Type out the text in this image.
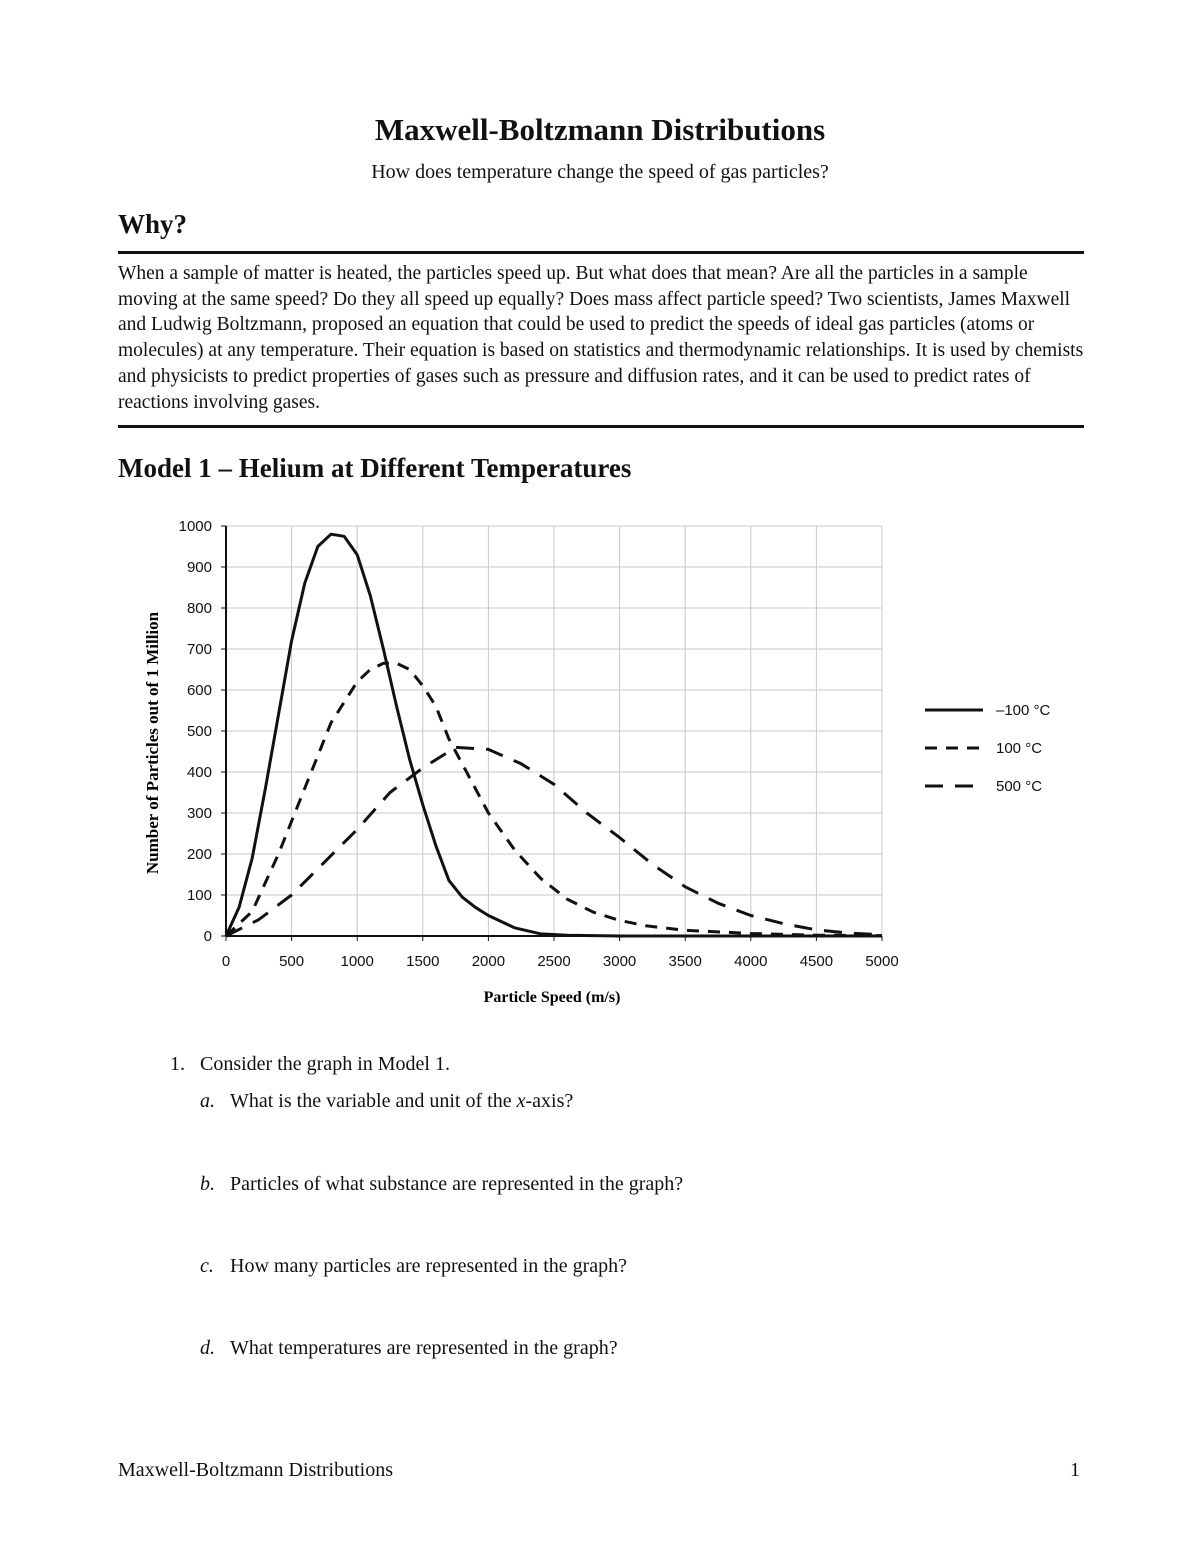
Maxwell-Boltzmann Distributions

How does temperature change the speed of gas particles?

Why?

When a sample of matter is heated, the particles speed up. But what does that mean? Are all the particles in a sample moving at the same speed? Do they all speed up equally? Does mass affect particle speed? Two scientists, James Maxwell and Ludwig Boltzmann, proposed an equation that could be used to predict the speeds of ideal gas particles (atoms or molecules) at any temperature. Their equation is based on statistics and thermodynamic relationships. It is used by chemists and physicists to predict properties of gases such as pressure and diffusion rates, and it can be used to predict rates of reactions involving gases.

Model 1 – Helium at Different Temperatures
0
100
200
300
400
500
600
700
800
900
1000
0	500 1000 1500 2000 2500 3000 3500 4000 4500 5000
–100 °C
100 °C
500 °C
Particle Speed (m/s)
Number of Particles out of 1 Million

1. Consider the graph in Model 1.

a. What is the variable and unit of the x-axis?

b. Particles of what substance are represented in the graph?

c. How many particles are represented in the graph?

d. What temperatures are represented in the graph?

Maxwell-Boltzmann Distributions	1
